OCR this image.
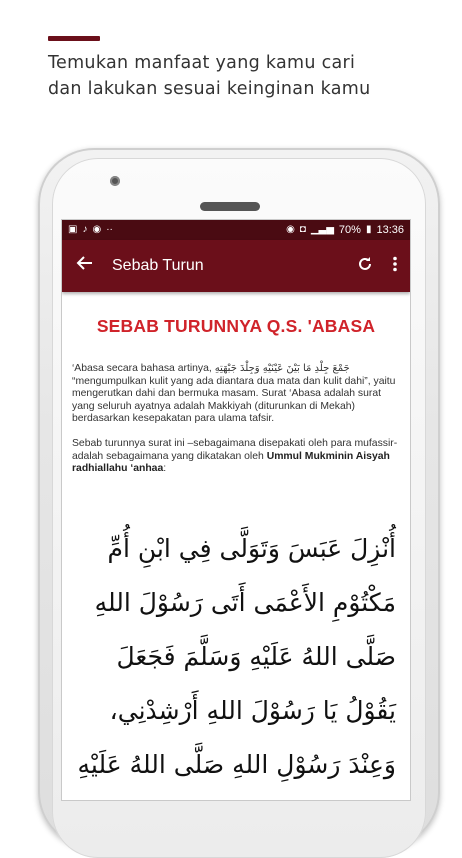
Temukan manfaat yang kamu cari
dan lakukan sesuai keinginan kamu
▣ ♪ ◉ ··	◉ ◘ ▁▃▅ 70% ▮ 13:36
Sebab Turun
SEBAB TURUNNYA Q.S. 'ABASA

‘Abasa secara bahasa artinya, جَمْعَ جِلْدِ مَا بَيْنَ عَيْنَيْهِ وَجِلْدَ جَبْهَتِهِ “mengumpulkan kulit yang ada diantara dua mata dan kulit dahi”, yaitu mengerutkan dahi dan bermuka masam. Surat ‘Abasa adalah surat yang seluruh ayatnya adalah Makkiyah (diturunkan di Mekah) berdasarkan kesepakatan para ulama tafsir.

Sebab turunnya surat ini –sebagaimana disepakati oleh para mufassir- adalah sebagaimana yang dikatakan oleh Ummul Mukminin Aisyah radhiallahu ‘anhaa:

أُنْزِلَ عَبَسَ وَتَوَلَّى فِي ابْنِ أُمِّ
مَكْتُوْمِ الأَعْمَى أَتَى رَسُوْلَ اللهِ
صَلَّى اللهُ عَلَيْهِ وَسَلَّمَ فَجَعَلَ
يَقُوْلُ يَا رَسُوْلَ اللهِ أَرْشِدْنِي،
وَعِنْدَ رَسُوْلِ اللهِ صَلَّى اللهُ عَلَيْهِ
